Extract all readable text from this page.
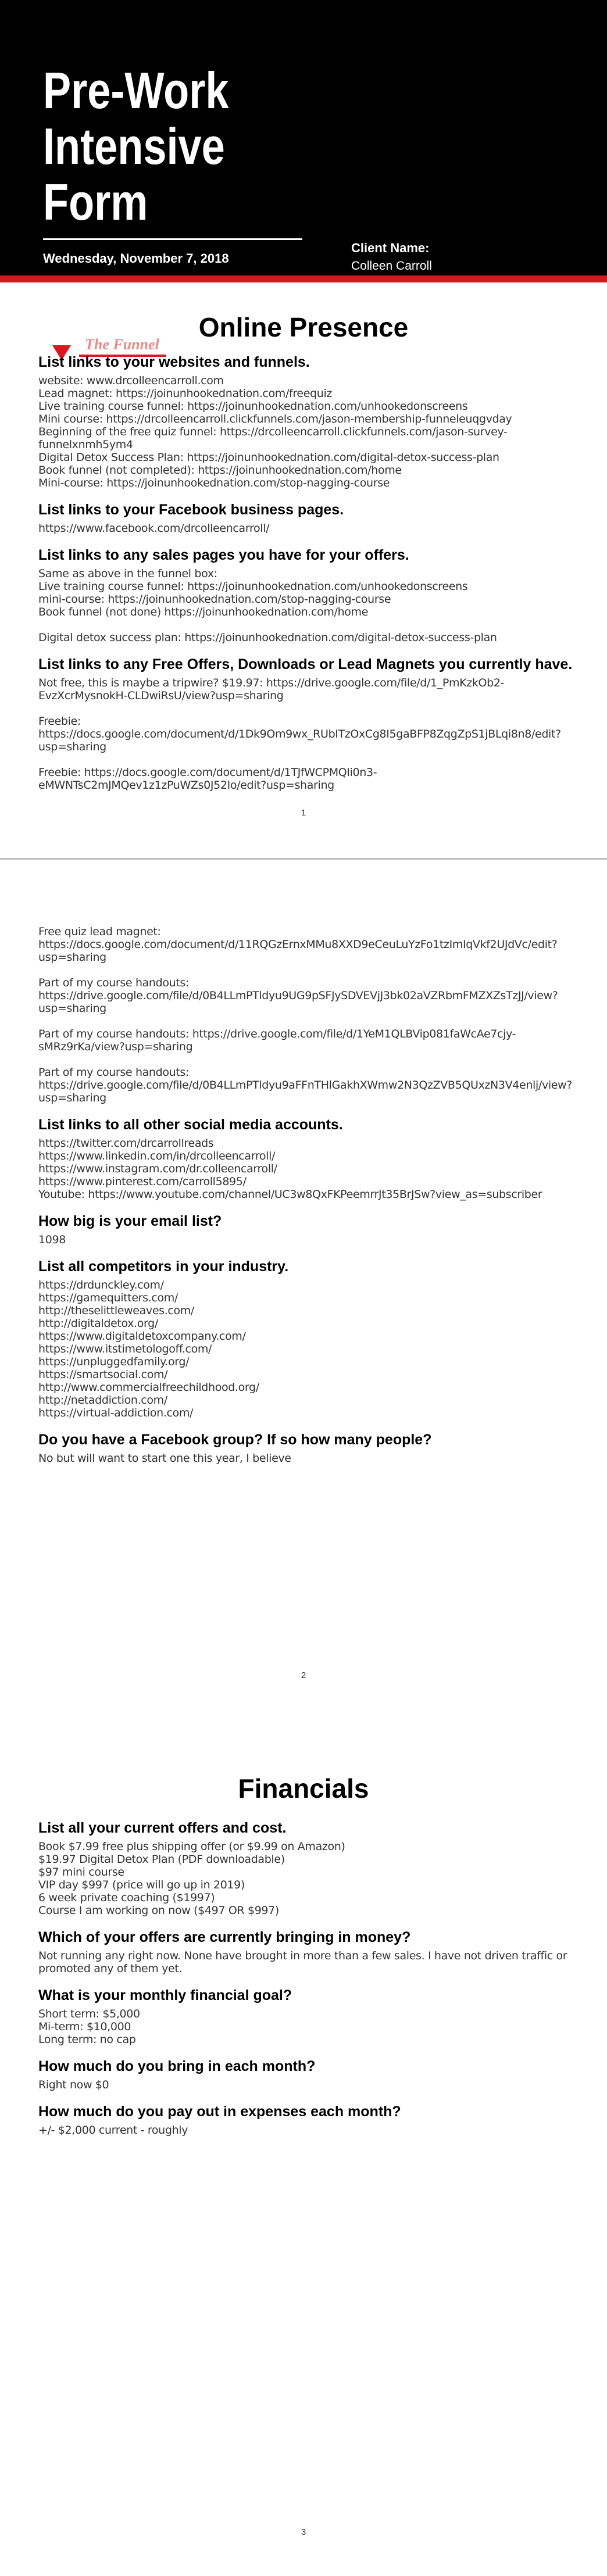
Pre-Work
Intensive
Form
Wednesday, November 7, 2018
Client Name:
Colleen Carroll
Online Presence
The Funnel
List links to your websites and funnels.
website: www.drcolleencarroll.com
Lead magnet: https://joinunhookednation.com/freequiz
Live training course funnel: https://joinunhookednation.com/unhookedonscreens
Mini course: https://drcolleencarroll.clickfunnels.com/jason-membership-funneleuqgvday
Beginning of the free quiz funnel: https://drcolleencarroll.clickfunnels.com/jason-survey-funnelxnmh5ym4
Digital Detox Success Plan: https://joinunhookednation.com/digital-detox-success-plan
Book funnel (not completed): https://joinunhookednation.com/home
Mini-course: https://joinunhookednation.com/stop-nagging-course
List links to your Facebook business pages.
https://www.facebook.com/drcolleencarroll/
List links to any sales pages you have for your offers.
Same as above in the funnel box:
Live training course funnel: https://joinunhookednation.com/unhookedonscreens
mini-course: https://joinunhookednation.com/stop-nagging-course
Book funnel (not done) https://joinunhookednation.com/home

Digital detox success plan: https://joinunhookednation.com/digital-detox-success-plan
List links to any Free Offers, Downloads or Lead Magnets you currently have.
Not free, this is maybe a tripwire? $19.97: https://drive.google.com/file/d/1_PmKzkOb2-EvzXcrMysnokH-CLDwiRsU/view?usp=sharing

Freebie: https://docs.google.com/document/d/1Dk9Om9wx_RUbITzOxCg8I5gaBFP8ZqgZpS1jBLqi8n8/edit?usp=sharing

Freebie: https://docs.google.com/document/d/1TJfWCPMQIi0n3-eMWNTsC2mJMQev1z1zPuWZs0J52Io/edit?usp=sharing
1
Free quiz lead magnet: https://docs.google.com/document/d/11RQGzErnxMMu8XXD9eCeuLuYzFo1tzImIqVkf2UJdVc/edit?usp=sharing

Part of my course handouts: https://drive.google.com/file/d/0B4LLmPTldyu9UG9pSFJySDVEVjJ3bk02aVZRbmFMZXZsTzJJ/view?usp=sharing

Part of my course handouts: https://drive.google.com/file/d/1YeM1QLBVip081faWcAe7cjy-sMRz9rKa/view?usp=sharing

Part of my course handouts: https://drive.google.com/file/d/0B4LLmPTldyu9aFFnTHlGakhXWmw2N3QzZVB5QUxzN3V4enlj/view?usp=sharing
List links to all other social media accounts.
https://twitter.com/drcarrollreads
https://www.linkedin.com/in/drcolleencarroll/
https://www.instagram.com/dr.colleencarroll/
https://www.pinterest.com/carroll5895/
Youtube: https://www.youtube.com/channel/UC3w8QxFKPeemrrJt35BrJSw?view_as=subscriber
How big is your email list?
1098
List all competitors in your industry.
https://drdunckley.com/
https://gamequitters.com/
http://theselittleweaves.com/
http://digitaldetox.org/
https://www.digitaldetoxcompany.com/
https://www.itstimetologoff.com/
https://unpluggedfamily.org/
https://smartsocial.com/
http://www.commercialfreechildhood.org/
http://netaddiction.com/
https://virtual-addiction.com/
Do you have a Facebook group? If so how many people?
No but will want to start one this year, I believe
2
Financials
List all your current offers and cost.
Book $7.99 free plus shipping offer (or $9.99 on Amazon)
$19.97 Digital Detox Plan (PDF downloadable)
$97 mini course
VIP day $997 (price will go up in 2019)
6 week private coaching ($1997)
Course I am working on now ($497 OR $997)
Which of your offers are currently bringing in money?
Not running any right now. None have brought in more than a few sales. I have not driven traffic or promoted any of them yet.
What is your monthly financial goal?
Short term: $5,000
Mi-term: $10,000
Long term: no cap
How much do you bring in each month?
Right now $0
How much do you pay out in expenses each month?
+/- $2,000 current - roughly
3
